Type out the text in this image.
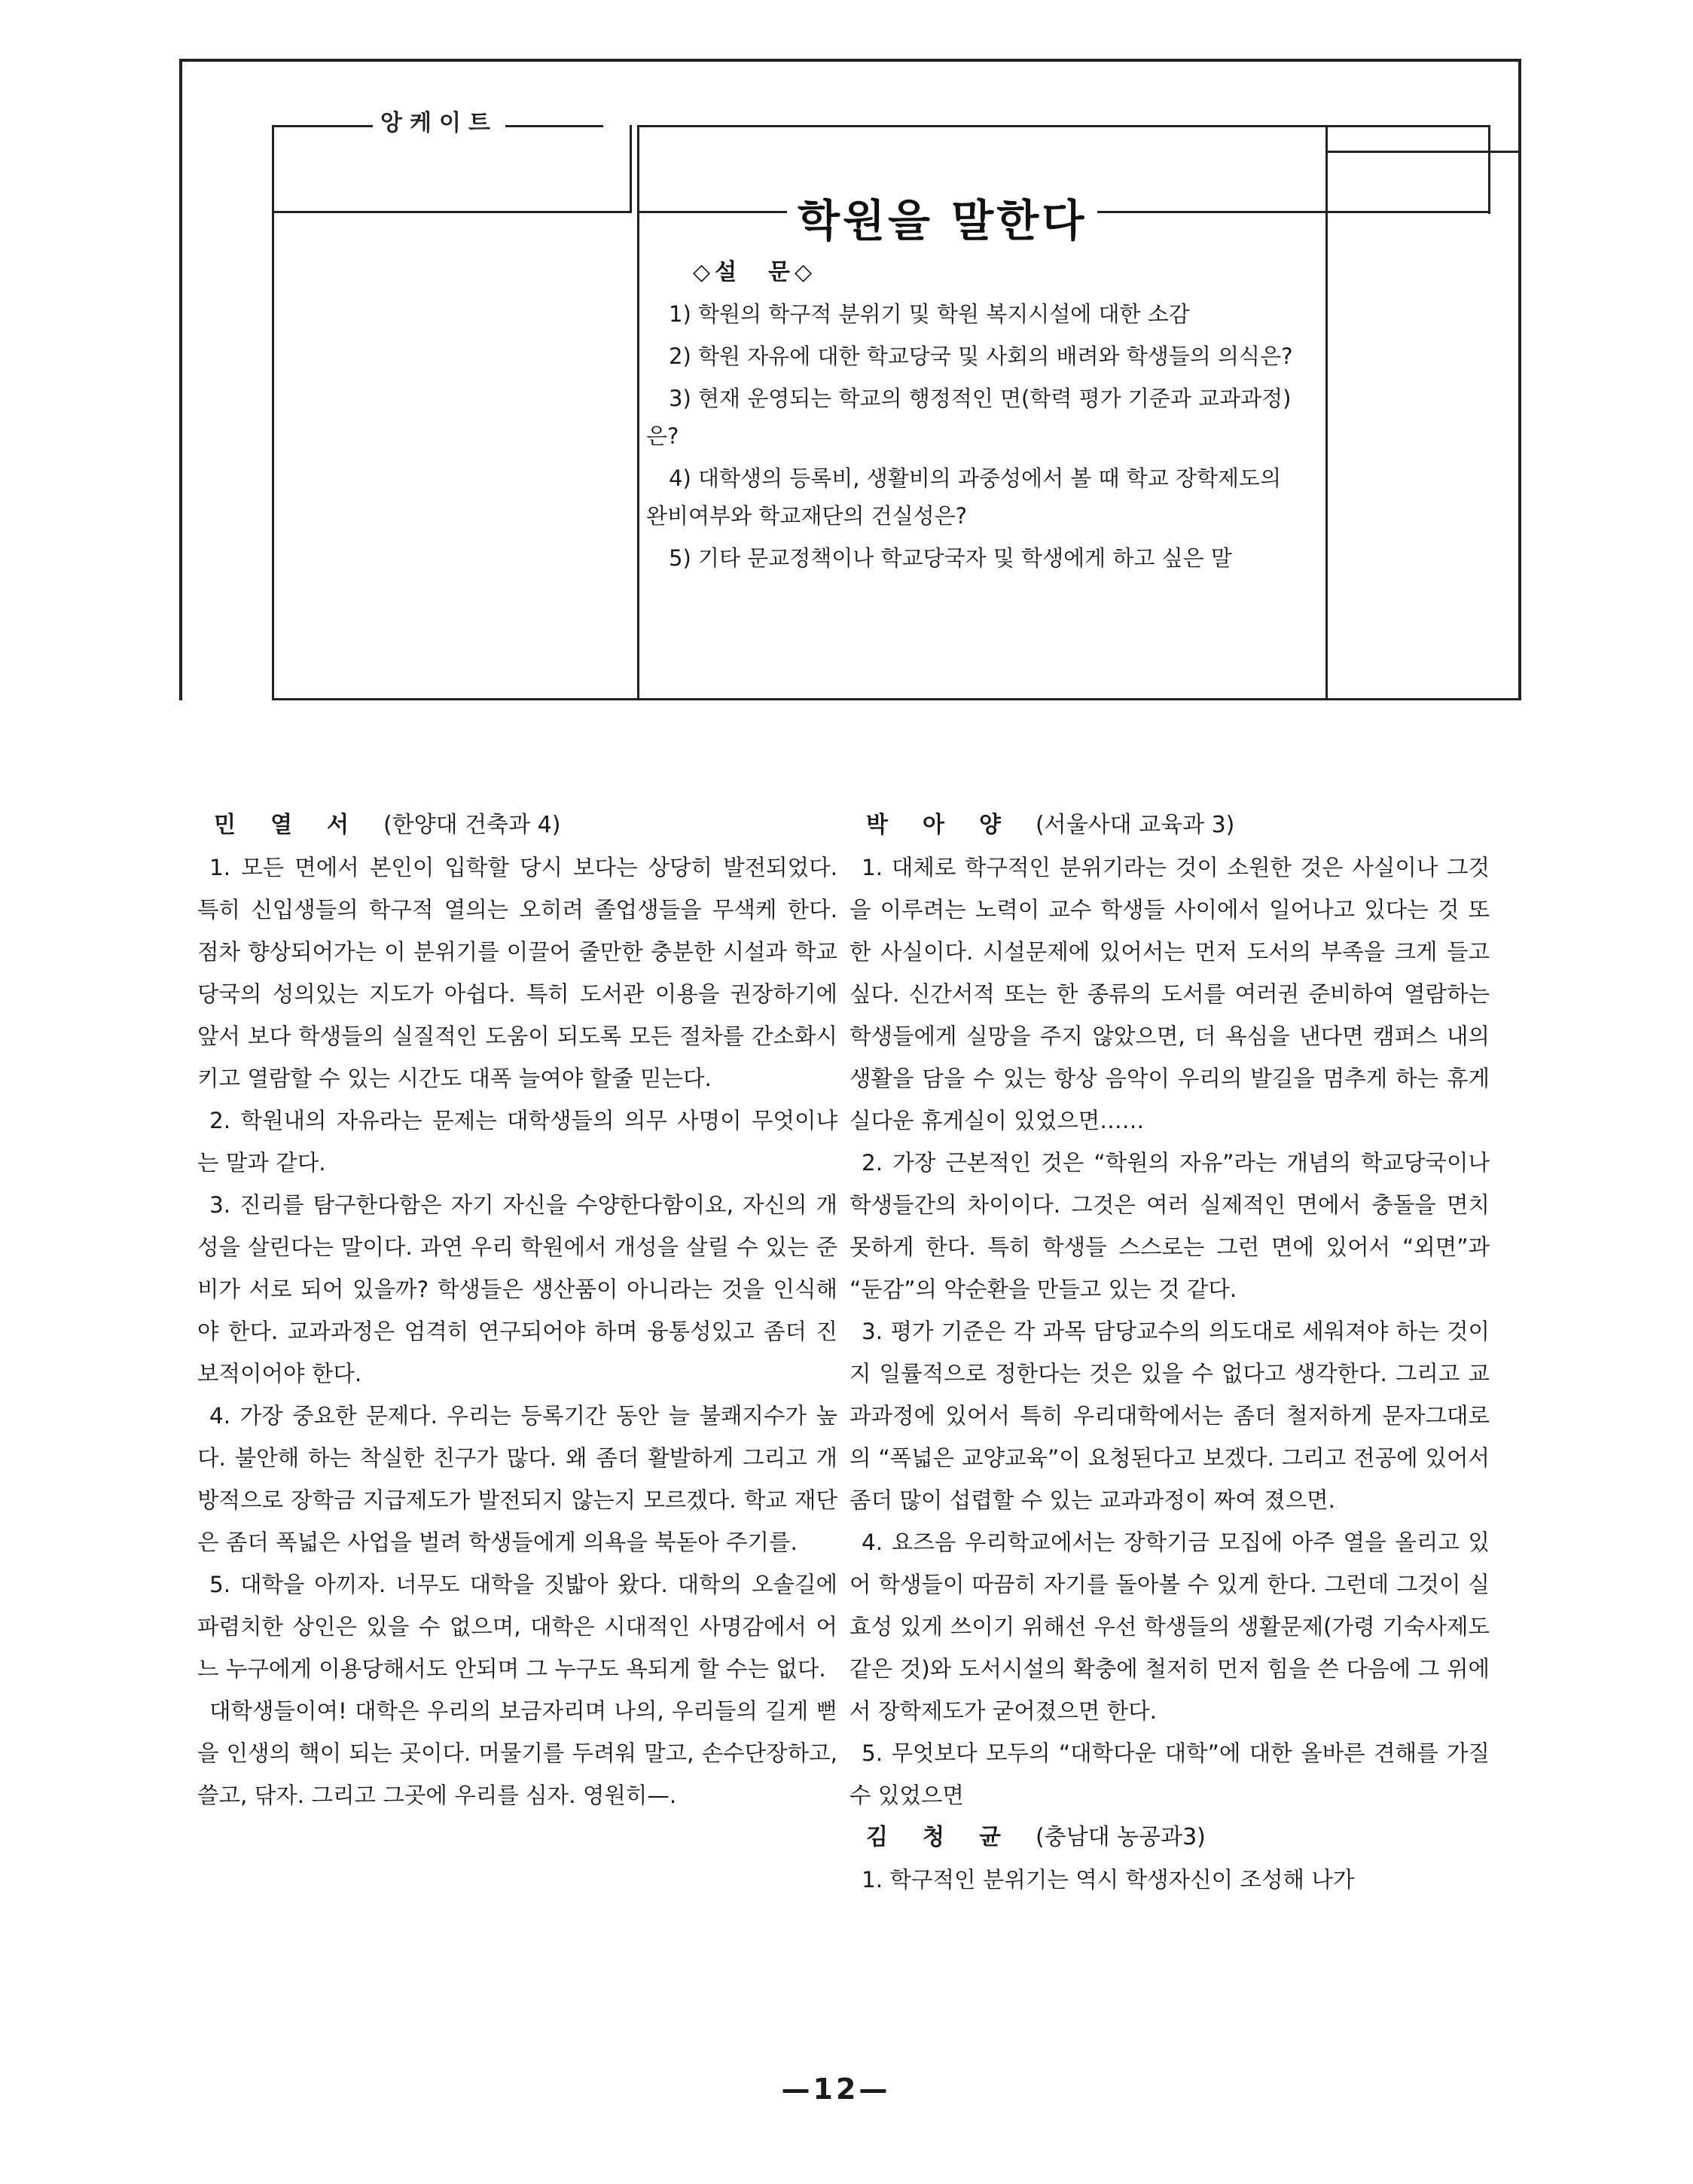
앙케이트
학원을 말한다
◇설　문◇

1) 학원의 학구적 분위기 및 학원 복지시설에 대한 소감

2) 학원 자유에 대한 학교당국 및 사회의 배려와 학생들의 의식은?

3) 현재 운영되는 학교의 행정적인 면(학력 평가 기준과 교과과정)은?

4) 대학생의 등록비, 생활비의 과중성에서 볼 때 학교 장학제도의 완비여부와 학교재단의 건실성은?

5) 기타 문교정책이나 학교당국자 및 학생에게 하고 싶은 말

민열서(한양대 건축과 4)

1. 모든 면에서 본인이 입학할 당시 보다는 상당히 발전되었다. 특히 신입생들의 학구적 열의는 오히려 졸업생들을 무색케 한다. 점차 향상되어가는 이 분위기를 이끌어 줄만한 충분한 시설과 학교당국의 성의있는 지도가 아쉽다. 특히 도서관 이용을 권장하기에 앞서 보다 학생들의 실질적인 도움이 되도록 모든 절차를 간소화시키고 열람할 수 있는 시간도 대폭 늘여야 할줄 믿는다.

2. 학원내의 자유라는 문제는 대학생들의 의무 사명이 무엇이냐는 말과 같다.

3. 진리를 탐구한다함은 자기 자신을 수양한다함이요, 자신의 개성을 살린다는 말이다. 과연 우리 학원에서 개성을 살릴 수 있는 준비가 서로 되어 있을까? 학생들은 생산품이 아니라는 것을 인식해야 한다. 교과과정은 엄격히 연구되어야 하며 융통성있고 좀더 진보적이어야 한다.

4. 가장 중요한 문제다. 우리는 등록기간 동안 늘 불쾌지수가 높다. 불안해 하는 착실한 친구가 많다. 왜 좀더 활발하게 그리고 개방적으로 장학금 지급제도가 발전되지 않는지 모르겠다. 학교 재단은 좀더 폭넓은 사업을 벌려 학생들에게 의욕을 북돋아 주기를.

5. 대학을 아끼자. 너무도 대학을 짓밟아 왔다. 대학의 오솔길에 파렴치한 상인은 있을 수 없으며, 대학은 시대적인 사명감에서 어느 누구에게 이용당해서도 안되며 그 누구도 욕되게 할 수는 없다.

대학생들이여! 대학은 우리의 보금자리며 나의, 우리들의 길게 뻗을 인생의 핵이 되는 곳이다. 머물기를 두려워 말고, 손수단장하고, 쓸고, 닦자. 그리고 그곳에 우리를 심자. 영원히—.

박아양(서울사대 교육과 3)

1. 대체로 학구적인 분위기라는 것이 소원한 것은 사실이나 그것을 이루려는 노력이 교수 학생들 사이에서 일어나고 있다는 것 또한 사실이다. 시설문제에 있어서는 먼저 도서의 부족을 크게 들고 싶다. 신간서적 또는 한 종류의 도서를 여러권 준비하여 열람하는 학생들에게 실망을 주지 않았으면, 더 욕심을 낸다면 캠퍼스 내의 생활을 담을 수 있는 항상 음악이 우리의 발길을 멈추게 하는 휴게실다운 휴게실이 있었으면……

2. 가장 근본적인 것은 “학원의 자유”라는 개념의 학교당국이나 학생들간의 차이이다. 그것은 여러 실제적인 면에서 충돌을 면치 못하게 한다. 특히 학생들 스스로는 그런 면에 있어서 “외면”과 “둔감”의 악순환을 만들고 있는 것 같다.

3. 평가 기준은 각 과목 담당교수의 의도대로 세워져야 하는 것이지 일률적으로 정한다는 것은 있을 수 없다고 생각한다. 그리고 교과과정에 있어서 특히 우리대학에서는 좀더 철저하게 문자그대로의 “폭넓은 교양교육”이 요청된다고 보겠다. 그리고 전공에 있어서 좀더 많이 섭렵할 수 있는 교과과정이 짜여 졌으면.

4. 요즈음 우리학교에서는 장학기금 모집에 아주 열을 올리고 있어 학생들이 따끔히 자기를 돌아볼 수 있게 한다. 그런데 그것이 실효성 있게 쓰이기 위해선 우선 학생들의 생활문제(가령 기숙사제도 같은 것)와 도서시설의 확충에 철저히 먼저 힘을 쓴 다음에 그 위에서 장학제도가 굳어졌으면 한다.

5. 무엇보다 모두의 “대학다운 대학”에 대한 올바른 견해를 가질 수 있었으면

김청균(충남대 농공과3)

1. 학구적인 분위기는 역시 학생자신이 조성해 나가

—12—
